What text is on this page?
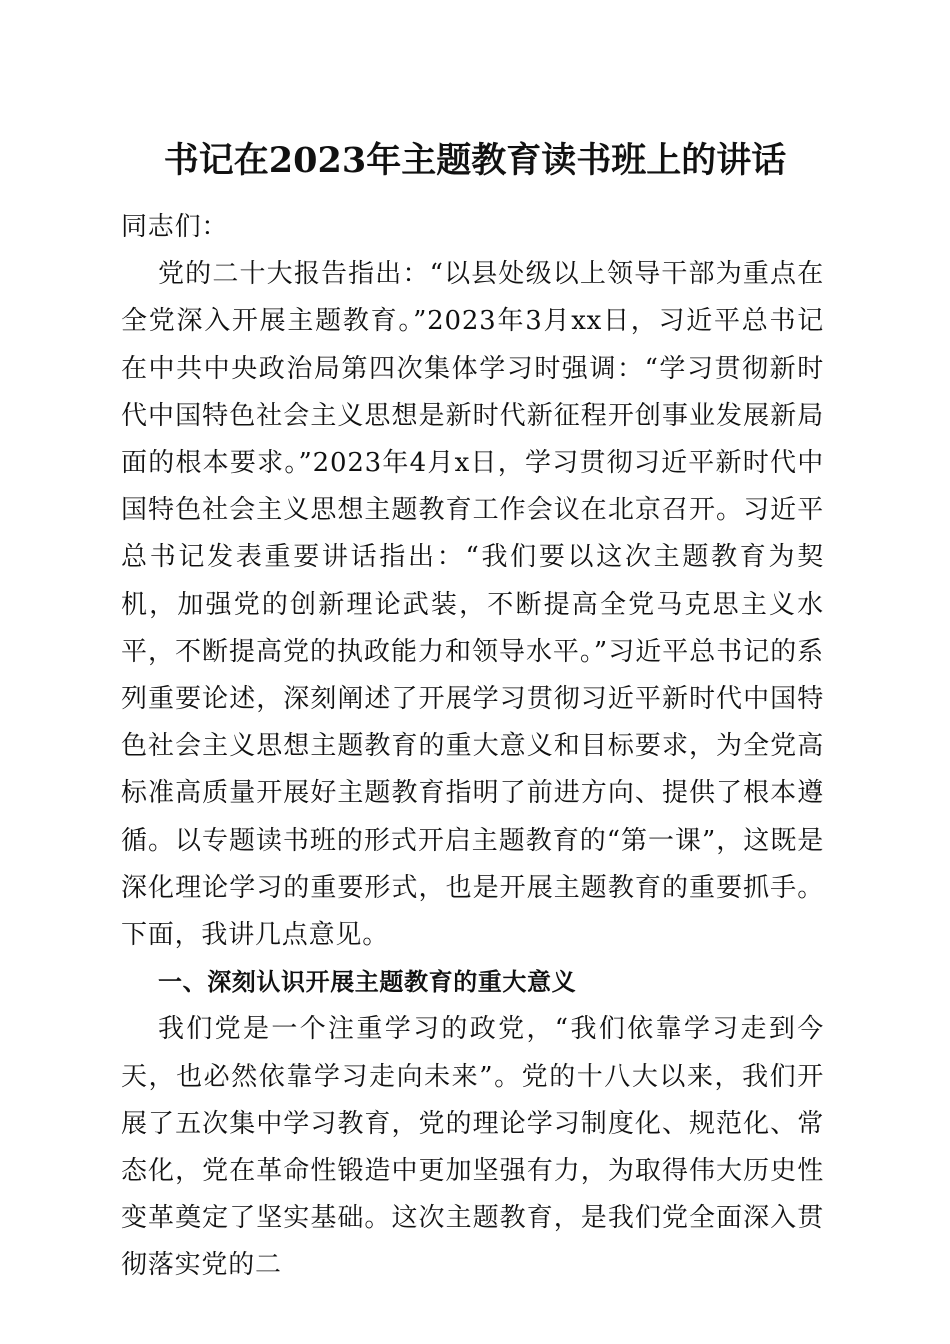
书记在2023年主题教育读书班上的讲话

同志们：

党的二十大报告指出：“以县处级以上领导干部为重点在全党深入开展主题教育。”2023年3月xx日，习近平总书记在中共中央政治局第四次集体学习时强调：“学习贯彻新时代中国特色社会主义思想是新时代新征程开创事业发展新局面的根本要求。”2023年4月x日，学习贯彻习近平新时代中国特色社会主义思想主题教育工作会议在北京召开。习近平总书记发表重要讲话指出：“我们要以这次主题教育为契机，加强党的创新理论武装，不断提高全党马克思主义水平，不断提高党的执政能力和领导水平。”习近平总书记的系列重要论述，深刻阐述了开展学习贯彻习近平新时代中国特色社会主义思想主题教育的重大意义和目标要求，为全党高标准高质量开展好主题教育指明了前进方向、提供了根本遵循。以专题读书班的形式开启主题教育的“第一课”，这既是深化理论学习的重要形式，也是开展主题教育的重要抓手。下面，我讲几点意见。

一、深刻认识开展主题教育的重大意义

我们党是一个注重学习的政党，“我们依靠学习走到今天，也必然依靠学习走向未来”。党的十八大以来，我们开展了五次集中学习教育，党的理论学习制度化、规范化、常态化，党在革命性锻造中更加坚强有力，为取得伟大历史性变革奠定了坚实基础。这次主题教育，是我们党全面深入贯彻落实党的二
